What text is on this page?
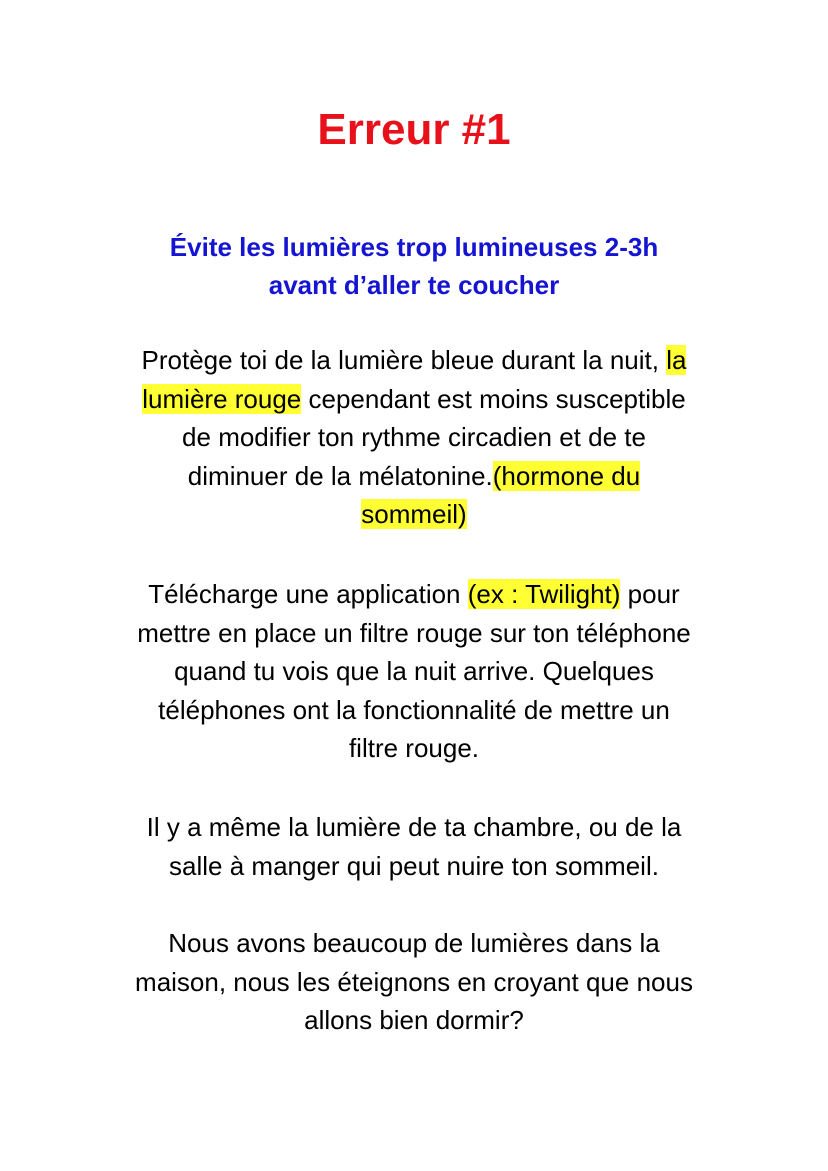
Erreur #1
Évite les lumières trop lumineuses 2-3h
avant d’aller te coucher

Protège toi de la lumière bleue durant la nuit, la
lumière rouge cependant est moins susceptible
de modifier ton rythme circadien et de te
diminuer de la mélatonine.(hormone du
sommeil)

Télécharge une application (ex : Twilight) pour
mettre en place un filtre rouge sur ton téléphone
quand tu vois que la nuit arrive. Quelques
téléphones ont la fonctionnalité de mettre un
filtre rouge.

Il y a même la lumière de ta chambre, ou de la
salle à manger qui peut nuire ton sommeil.

Nous avons beaucoup de lumières dans la
maison, nous les éteignons en croyant que nous
allons bien dormir?
